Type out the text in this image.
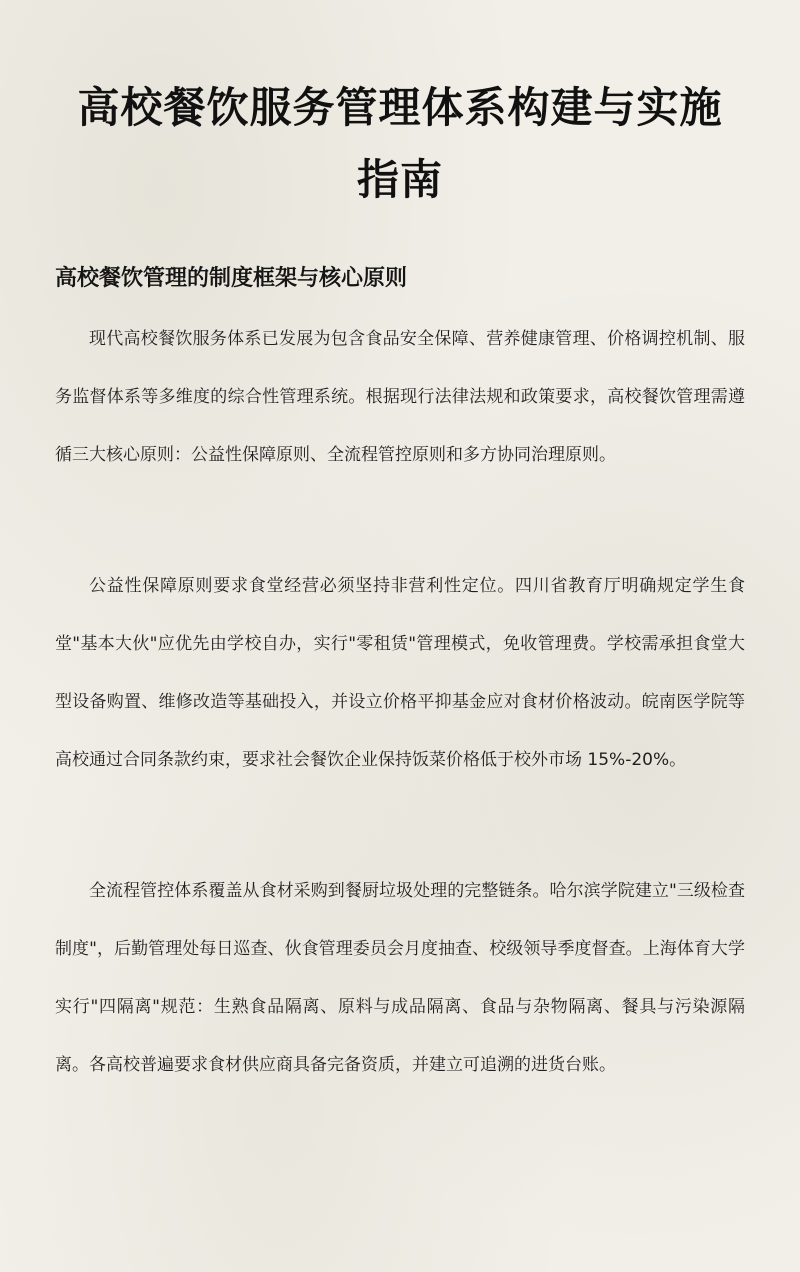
高校餐饮服务管理体系构建与实施指南
高校餐饮管理的制度框架与核心原则

现代高校餐饮服务体系已发展为包含食品安全保障、营养健康管理、价格调控机制、服务监督体系等多维度的综合性管理系统。根据现行法律法规和政策要求，高校餐饮管理需遵循三大核心原则：公益性保障原则、全流程管控原则和多方协同治理原则。

公益性保障原则要求食堂经营必须坚持非营利性定位。四川省教育厅明确规定学生食堂"基本大伙"应优先由学校自办，实行"零租赁"管理模式，免收管理费。学校需承担食堂大型设备购置、维修改造等基础投入，并设立价格平抑基金应对食材价格波动。皖南医学院等高校通过合同条款约束，要求社会餐饮企业保持饭菜价格低于校外市场 15%-20%。

全流程管控体系覆盖从食材采购到餐厨垃圾处理的完整链条。哈尔滨学院建立"三级检查制度"，后勤管理处每日巡查、伙食管理委员会月度抽查、校级领导季度督查。上海体育大学实行"四隔离"规范：生熟食品隔离、原料与成品隔离、食品与杂物隔离、餐具与污染源隔离。各高校普遍要求食材供应商具备完备资质，并建立可追溯的进货台账。
